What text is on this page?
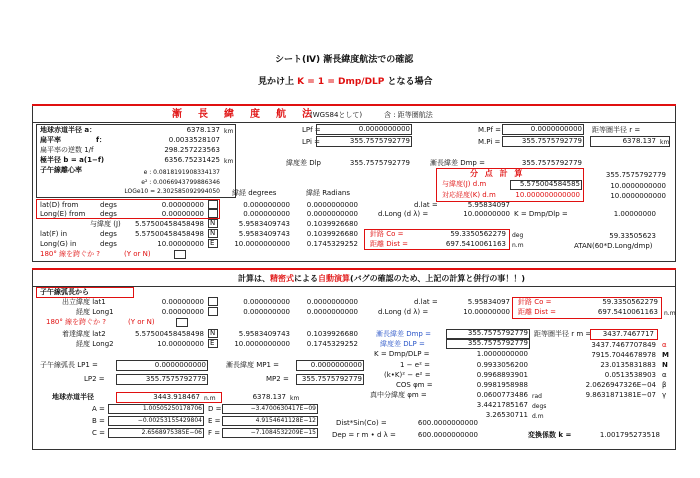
シート(Ⅳ) 漸長緯度航法での確認
見かけ上 K = 1 = Dmp/DLP となる場合
漸　長　緯　度　航　法
(WGS84として)	含 : 距等圏航法
地球赤道半径 a：	6378.137 km
扁平率　　　　　f：	0.0033528107
扁平率の逆数 1/f	298.257223563
極半径 b = a(1−f)	6356.75231425 km
子午線離心率	e : 0.0818191908334137
e² : 0.0066943799886346
LOGe10 = 2.302585092994050
LPf =	0.0000000000
LPi =	355.7575792779
M.Pf =	0.0000000000
M.Pi =	355.7575792779
距等圏半径 r =
6378.137 km
緯度差 Dlp	355.7575792779	漸長緯差 Dmp =	355.7575792779
355.7575792779
分 点 計 算
与緯度(J) d.m	5.575004584585	10.0000000000
対応経度(K) d.m	10.000000000000	10.0000000000
緯経 degrees	緯経 Radians
lat(D) from	degs	0.00000000	0.000000000	0.0000000000	d.lat =	5.95834097
Long(E) from degs	0.00000000	0.000000000	0.0000000000	d.Long (d λ) =	10.00000000 K = Dmp/Dlp =	1.00000000
与緯度 (J)	5.57500458458498 N	5.9583409743	0.1039926680
lat(F) in	degs	5.57500458458498 N	5.9583409743	0.1039926680 針路 Co =	59.3350562279 deg	59.33505623
Long(G) in	degs	10.00000000 E	10.0000000000	0.1745329252 距離 Dist =	697.5410061163 n.m	ATAN(60*D.Long/dmp)
180° 線を跨ぐか ?	(Y or N)
計算は、精密式による自動演算(バグの確認のため、上記の計算と併行の事！！)
子午線弧長から
出立緯度 lat1	0.00000000	0.000000000	0.0000000000	d.lat =	5.95834097 針路 Co =	59.3350562279
経度 Long1	0.00000000	0.000000000	0.0000000000	d.Long (d λ) =	10.00000000 距離 Dist =	697.5410061163 n.m
180° 線を跨ぐか ?	(Y or N)
着達緯度 lat2	5.57500458458498 N	5.9583409743	0.1039926680
経度 Long2	10.00000000 E	10.0000000000	0.1745329252
漸長緯差 Dmp =	355.7575792779
緯度差 DLP =	355.7575792779
K = Dmp/DLP =	1.0000000000
距等圏半径 r m =	3437.7467717
3437.7467707849 α
7915.7044678978 M
23.0135831883 N
0.0513538903 α
2.0626947326E−04 β
9.8631871381E−07 γ
1 − e² =	0.9933056200
(k•K)² − e² =	0.9968893901
COS φm =	0.9981958988
真中分緯度 φm =	0.0600773486 rad
3.4421785167 degs
3.26530711 d.m
子午線弧長 LP1 =	0.0000000000
LP2 =	355.7575792779
漸長緯度 MP1 =	0.0000000000
MP2 =	355.7575792779
地球赤道半径	3443.918467 n.m	6378.137 km
A =	1.00505250178706 D =	−3.4700630417E−09
B =	−0.00253155429804 E =	4.9154641128E−12
C =	2.6568975385E−06 F =	−7.1084532209E−15
Dist*Sin(Co) =	600.0000000000
Dep = r m • d λ =	600.0000000000	変換係数 k =	1.001795273518
